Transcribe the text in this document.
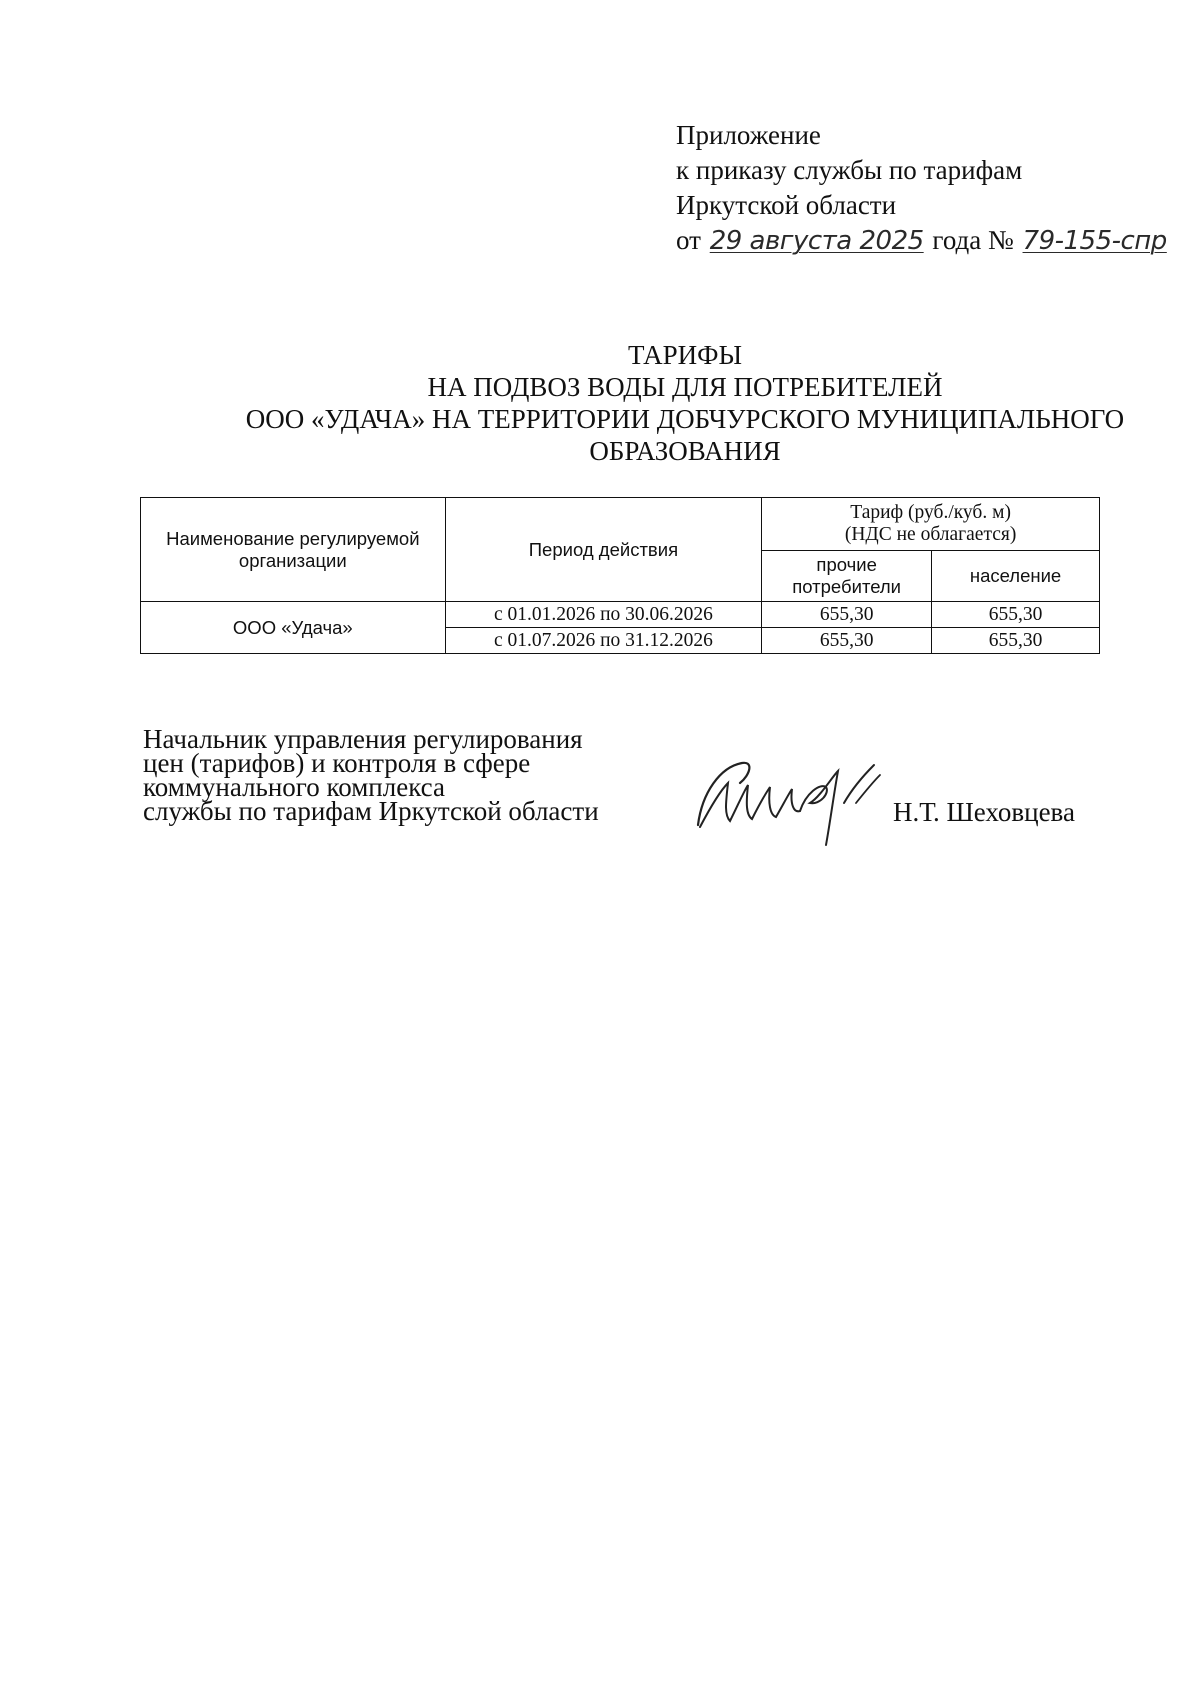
Приложение
к приказу службы по тарифам
Иркутской области
от 29 августа 2025 года № 79-155-спр
ТАРИФЫ
НА ПОДВОЗ ВОДЫ ДЛЯ ПОТРЕБИТЕЛЕЙ
ООО «УДАЧА» НА ТЕРРИТОРИИ ДОБЧУРСКОГО МУНИЦИПАЛЬНОГО
ОБРАЗОВАНИЯ
Наименование регулируемой организации	Период действия	Тариф (руб./куб. м)
(НДС не облагается)	

		прочие потребители	население
ООО «Удача»	с 01.01.2026 по 30.06.2026	655,30	655,30
	с 01.07.2026 по 31.12.2026	655,30	655,30
Начальник управления регулирования
цен (тарифов) и контроля в сфере
коммунального комплекса
службы по тарифам Иркутской области	Н.Т. Шеховцева
